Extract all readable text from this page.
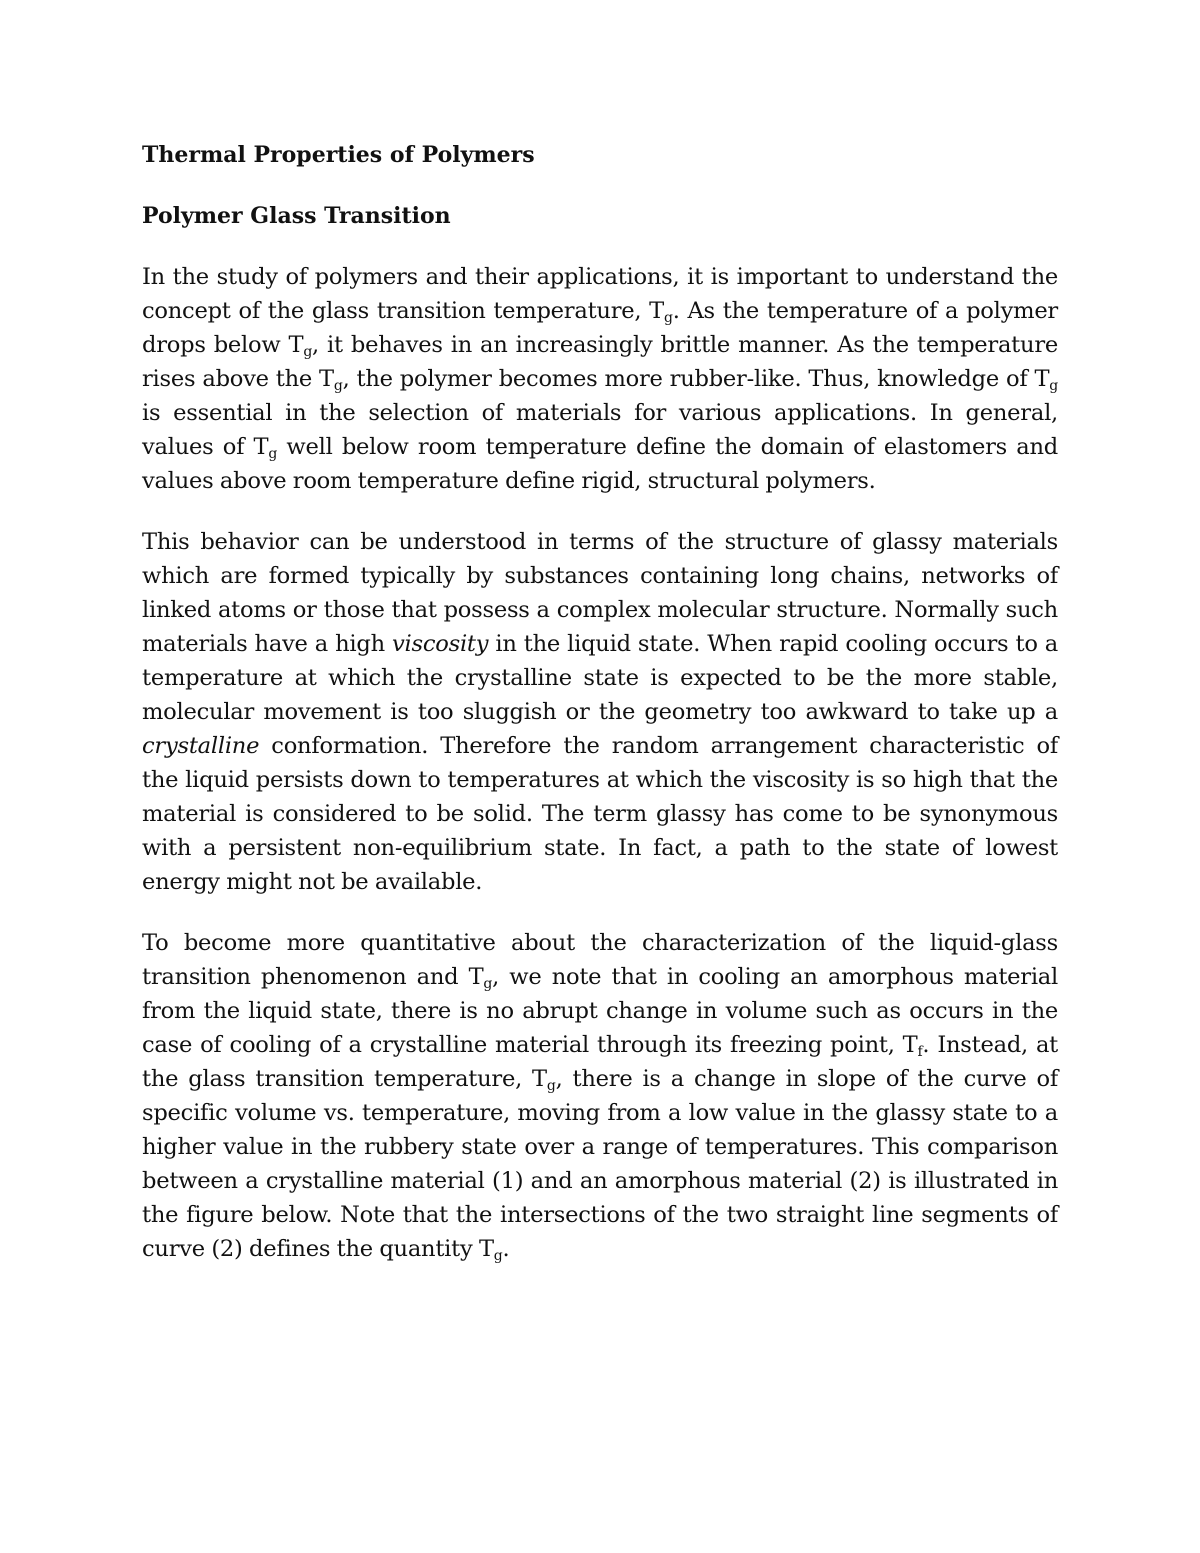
Thermal Properties of Polymers
Polymer Glass Transition

In the study of polymers and their applications, it is important to understand the concept of the glass transition temperature, $T_g$. As the temperature of a polymer drops below $T_g$, it behaves in an increasingly brittle manner. As the temperature rises above the $T_g$, the polymer becomes more rubber-like. Thus, knowledge of $T_g$ is essential in the selection of materials for various applications. In general, values of $T_g$ well below room temperature define the domain of elastomers and values above room temperature define rigid, structural polymers.

This behavior can be understood in terms of the structure of glassy materials which are formed typically by substances containing long chains, networks of linked atoms or those that possess a complex molecular structure. Normally such materials have a high viscosity in the liquid state. When rapid cooling occurs to a temperature at which the crystalline state is expected to be the more stable, molecular movement is too sluggish or the geometry too awkward to take up a crystalline conformation. Therefore the random arrangement characteristic of the liquid persists down to temperatures at which the viscosity is so high that the material is considered to be solid. The term glassy has come to be synonymous with a persistent non-equilibrium state. In fact, a path to the state of lowest energy might not be available.

To become more quantitative about the characterization of the liquid-glass transition phenomenon and $T_g$, we note that in cooling an amorphous material from the liquid state, there is no abrupt change in volume such as occurs in the case of cooling of a crystalline material through its freezing point, $T_f$. Instead, at the glass transition temperature, $T_g$, there is a change in slope of the curve of specific volume vs. temperature, moving from a low value in the glassy state to a higher value in the rubbery state over a range of temperatures. This comparison between a crystalline material (1) and an amorphous material (2) is illustrated in the figure below. Note that the intersections of the two straight line segments of curve (2) defines the quantity $T_g$.
